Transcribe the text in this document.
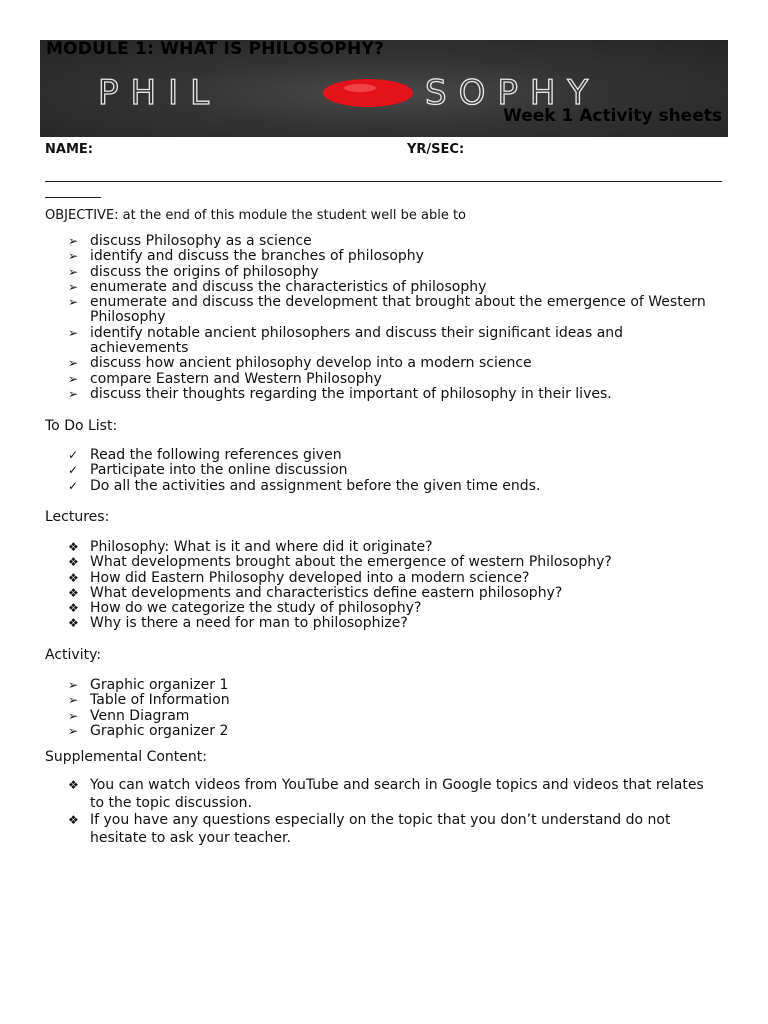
PHIL	SOPHY
MODULE 1: WHAT IS PHILOSOPHY?
Week 1 Activity sheets
NAME:	YR/SEC:
OBJECTIVE: at the end of this module the student well be able to
➢ discuss Philosophy as a science
➢ identify and discuss the branches of philosophy
➢ discuss the origins of philosophy
➢ enumerate and discuss the characteristics of philosophy
➢ enumerate and discuss the development that brought about the emergence of Western Philosophy
➢ identify notable ancient philosophers and discuss their significant ideas and achievements
➢ discuss how ancient philosophy develop into a modern science
➢ compare Eastern and Western Philosophy
➢ discuss their thoughts regarding the important of philosophy in their lives.
To Do List:
✓ Read the following references given
✓ Participate into the online discussion
✓ Do all the activities and assignment before the given time ends.
Lectures:
❖ Philosophy: What is it and where did it originate?
❖ What developments brought about the emergence of western Philosophy?
❖ How did Eastern Philosophy developed into a modern science?
❖ What developments and characteristics define eastern philosophy?
❖ How do we categorize the study of philosophy?
❖ Why is there a need for man to philosophize?
Activity:
➢ Graphic organizer 1
➢ Table of Information
➢ Venn Diagram
➢ Graphic organizer 2
Supplemental Content:
❖ You can watch videos from YouTube and search in Google topics and videos that relates to the topic discussion.
❖ If you have any questions especially on the topic that you don’t understand do not hesitate to ask your teacher.
